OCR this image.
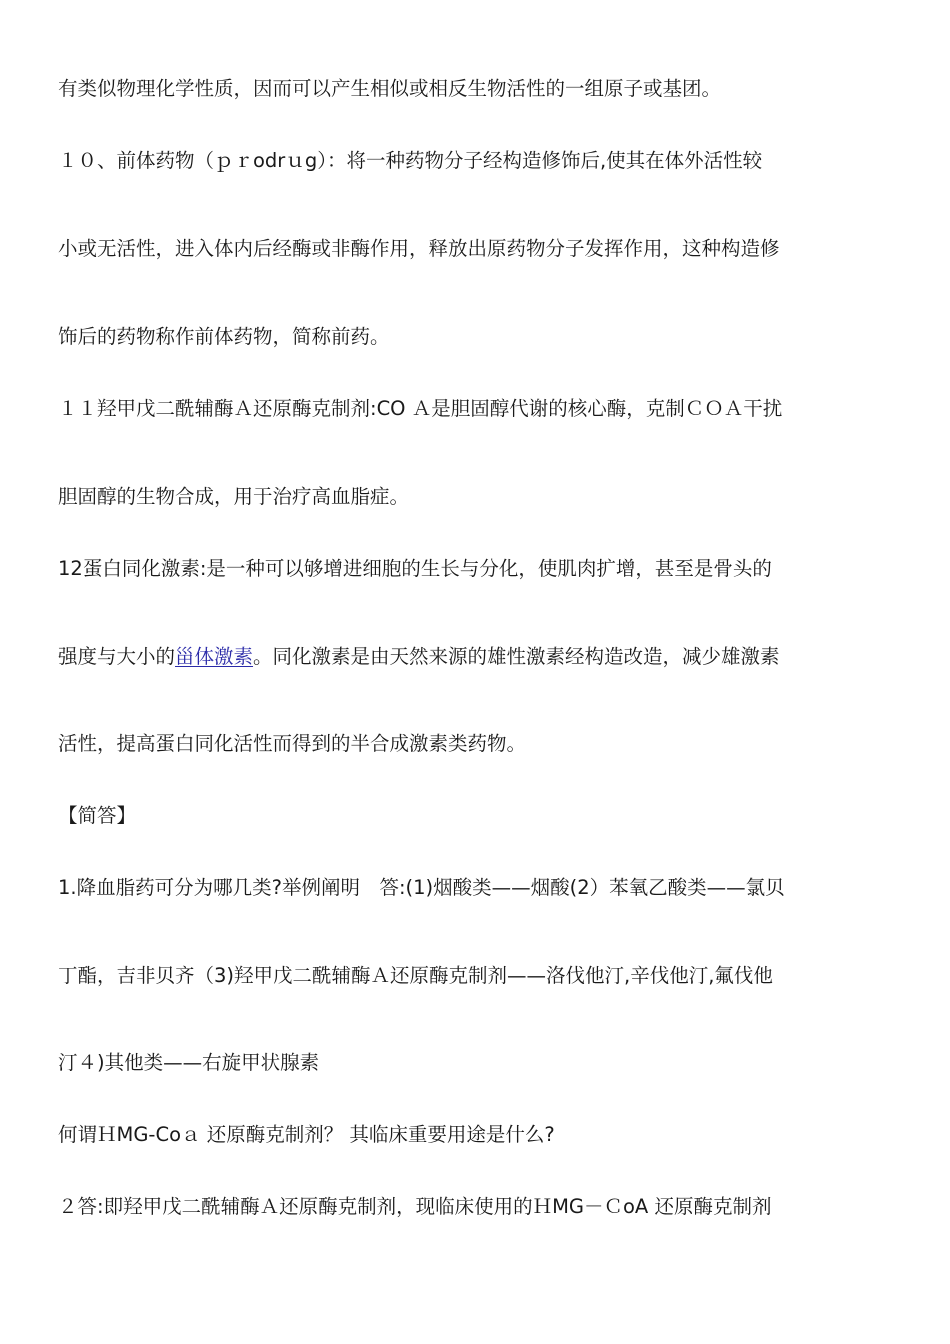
有类似物理化学性质，因而可以产生相似或相反生物活性的一组原子或基团。
１０、前体药物（ｐｒodrｕg）：将一种药物分子经构造修饰后,使其在体外活性较
小或无活性，进入体内后经酶或非酶作用，释放出原药物分子发挥作用，这种构造修
饰后的药物称作前体药物，简称前药。
１１羟甲戊二酰辅酶Ａ还原酶克制剂:CO Ａ是胆固醇代谢的核心酶，克制ＣＯＡ干扰
胆固醇的生物合成，用于治疗高血脂症。
12蛋白同化激素:是一种可以够增进细胞的生长与分化，使肌肉扩增，甚至是骨头的
强度与大小的甾体激素。同化激素是由天然来源的雄性激素经构造改造，减少雄激素
活性，提高蛋白同化活性而得到的半合成激素类药物。
【简答】
1.降血脂药可分为哪几类?举例阐明　答:(1)烟酸类——烟酸(2）苯氧乙酸类——氯贝
丁酯，吉非贝齐（3)羟甲戊二酰辅酶Ａ还原酶克制剂——洛伐他汀,辛伐他汀,氟伐他
汀４)其他类——右旋甲状腺素
何谓ＨMG-Coａ 还原酶克制剂？ 其临床重要用途是什么?
２答:即羟甲戊二酰辅酶Ａ还原酶克制剂，现临床使用的ＨMG－ＣoA 还原酶克制剂
